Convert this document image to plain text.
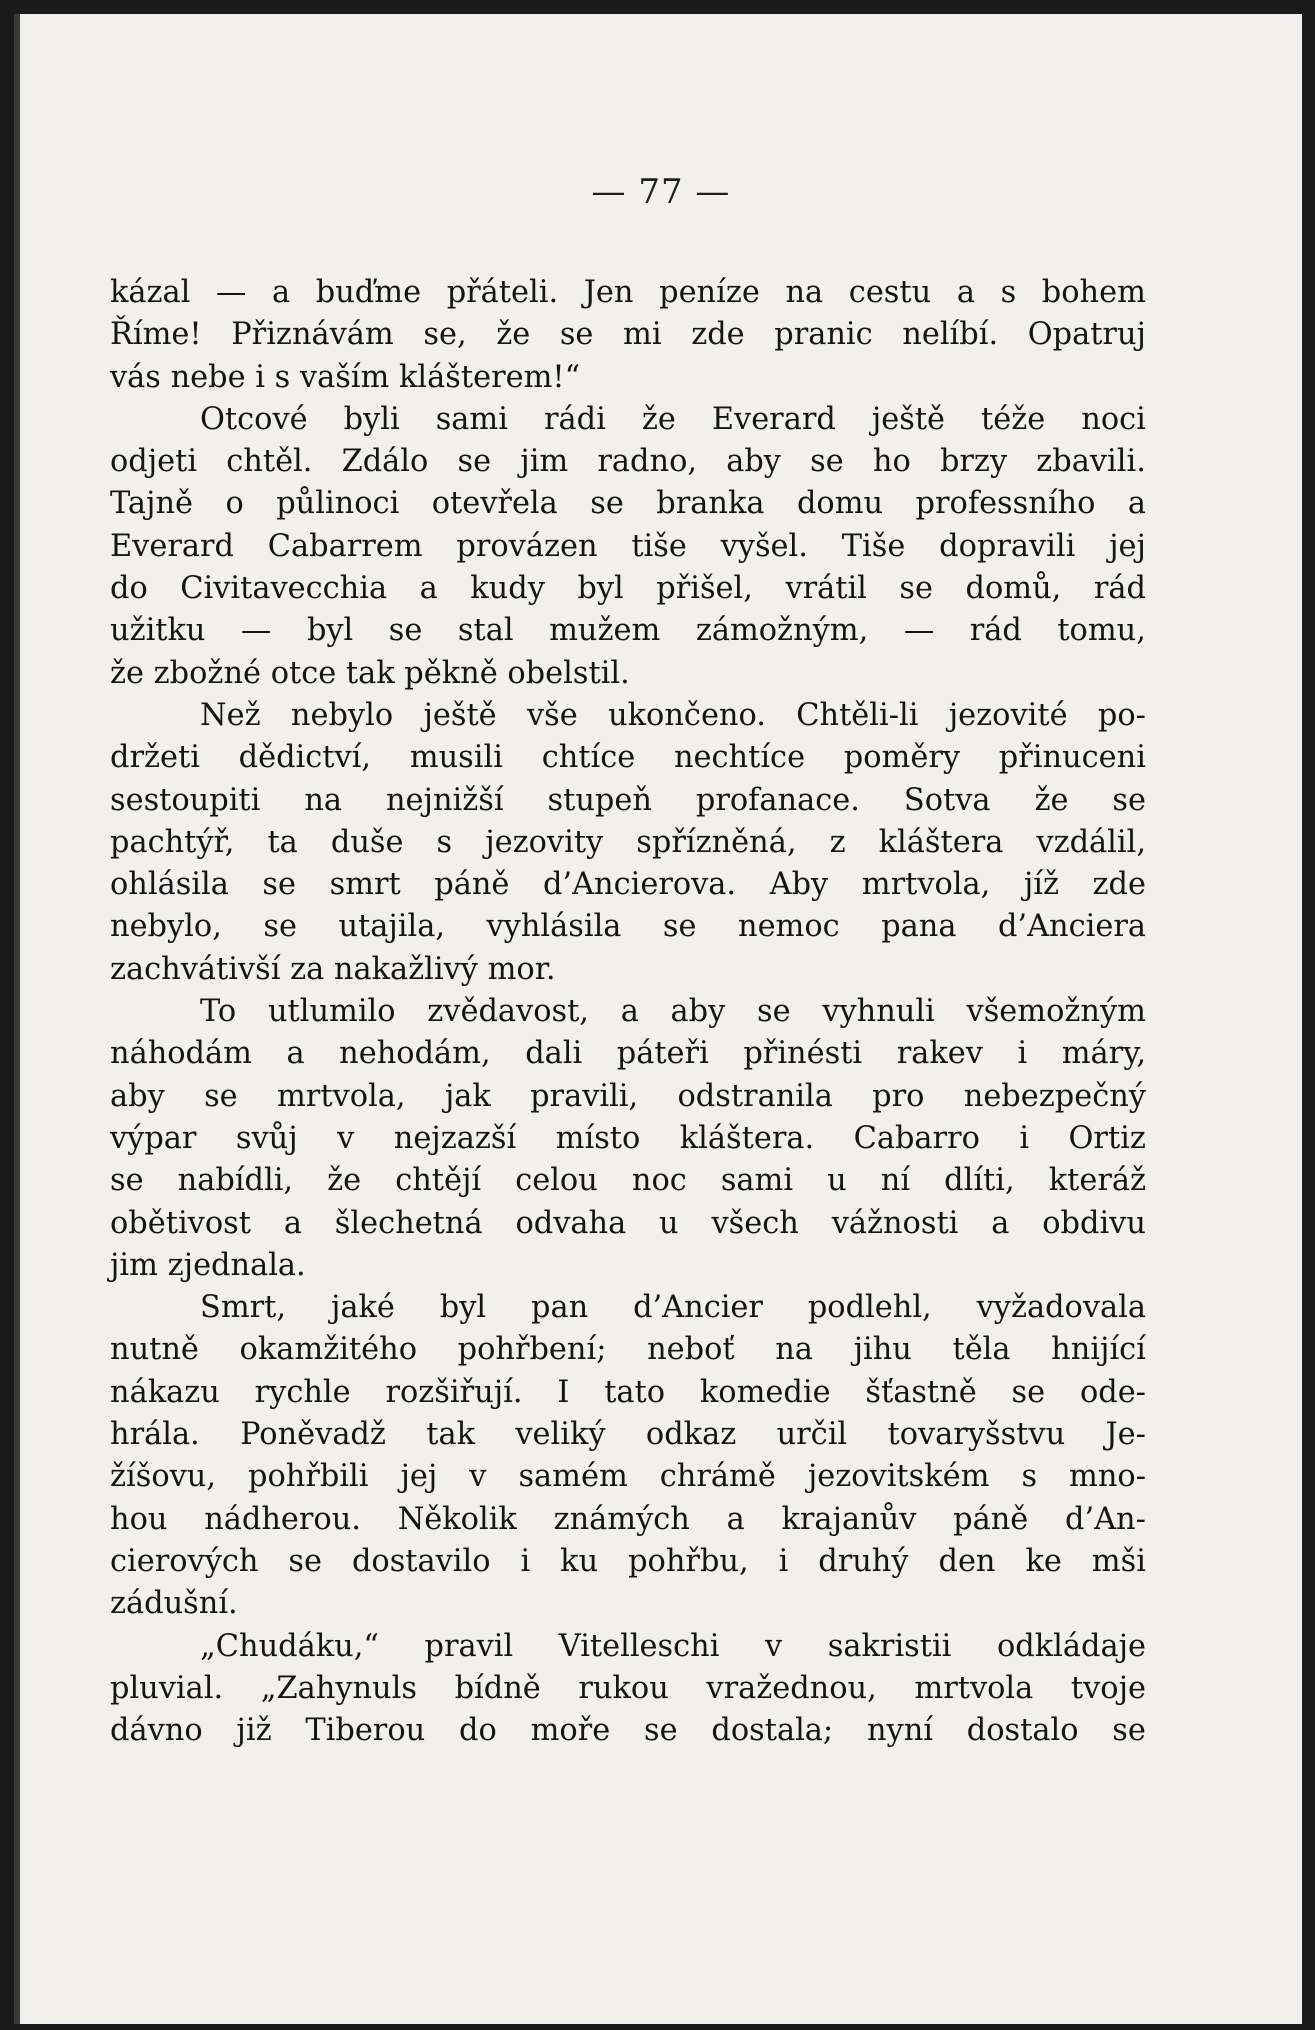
— 77 —
kázal — a buďme přáteli. Jen peníze na cestu a s bohem
Říme! Přiznávám se, že se mi zde pranic nelíbí. Opatruj
vás nebe i s vaším klášterem!“
Otcové byli sami rádi že Everard ještě téže noci
odjeti chtěl. Zdálo se jim radno, aby se ho brzy zbavili.
Tajně o půlinoci otevřela se branka domu professního a
Everard Cabarrem provázen tiše vyšel. Tiše dopravili jej
do Civitavecchia a kudy byl přišel, vrátil se domů, rád
užitku — byl se stal mužem zámožným, — rád tomu,
že zbožné otce tak pěkně obelstil.
Než nebylo ještě vše ukončeno. Chtěli-li jezovité po-
držeti dědictví, musili chtíce nechtíce poměry přinuceni
sestoupiti na nejnižší stupeň profanace. Sotva že se
pachtýř, ta duše s jezovity spřízněná, z kláštera vzdálil,
ohlásila se smrt páně d’Ancierova. Aby mrtvola, jíž zde
nebylo, se utajila, vyhlásila se nemoc pana d’Anciera
zachvátivší za nakažlivý mor.
To utlumilo zvědavost, a aby se vyhnuli všemožným
náhodám a nehodám, dali páteři přinésti rakev i máry,
aby se mrtvola, jak pravili, odstranila pro nebezpečný
výpar svůj v nejzazší místo kláštera. Cabarro i Ortiz
se nabídli, že chtějí celou noc sami u ní dlíti, kteráž
obětivost a šlechetná odvaha u všech vážnosti a obdivu
jim zjednala.
Smrt, jaké byl pan d’Ancier podlehl, vyžadovala
nutně okamžitého pohřbení; neboť na jihu těla hnijící
nákazu rychle rozšiřují. I tato komedie šťastně se ode-
hrála. Poněvadž tak veliký odkaz určil tovaryšstvu Je-
žíšovu, pohřbili jej v samém chrámě jezovitském s mno-
hou nádherou. Několik známých a krajanův páně d’An-
cierových se dostavilo i ku pohřbu, i druhý den ke mši
zádušní.
„Chudáku,“ pravil Vitelleschi v sakristii odkládaje
pluvial. „Zahynuls bídně rukou vražednou, mrtvola tvoje
dávno již Tiberou do moře se dostala; nyní dostalo se
